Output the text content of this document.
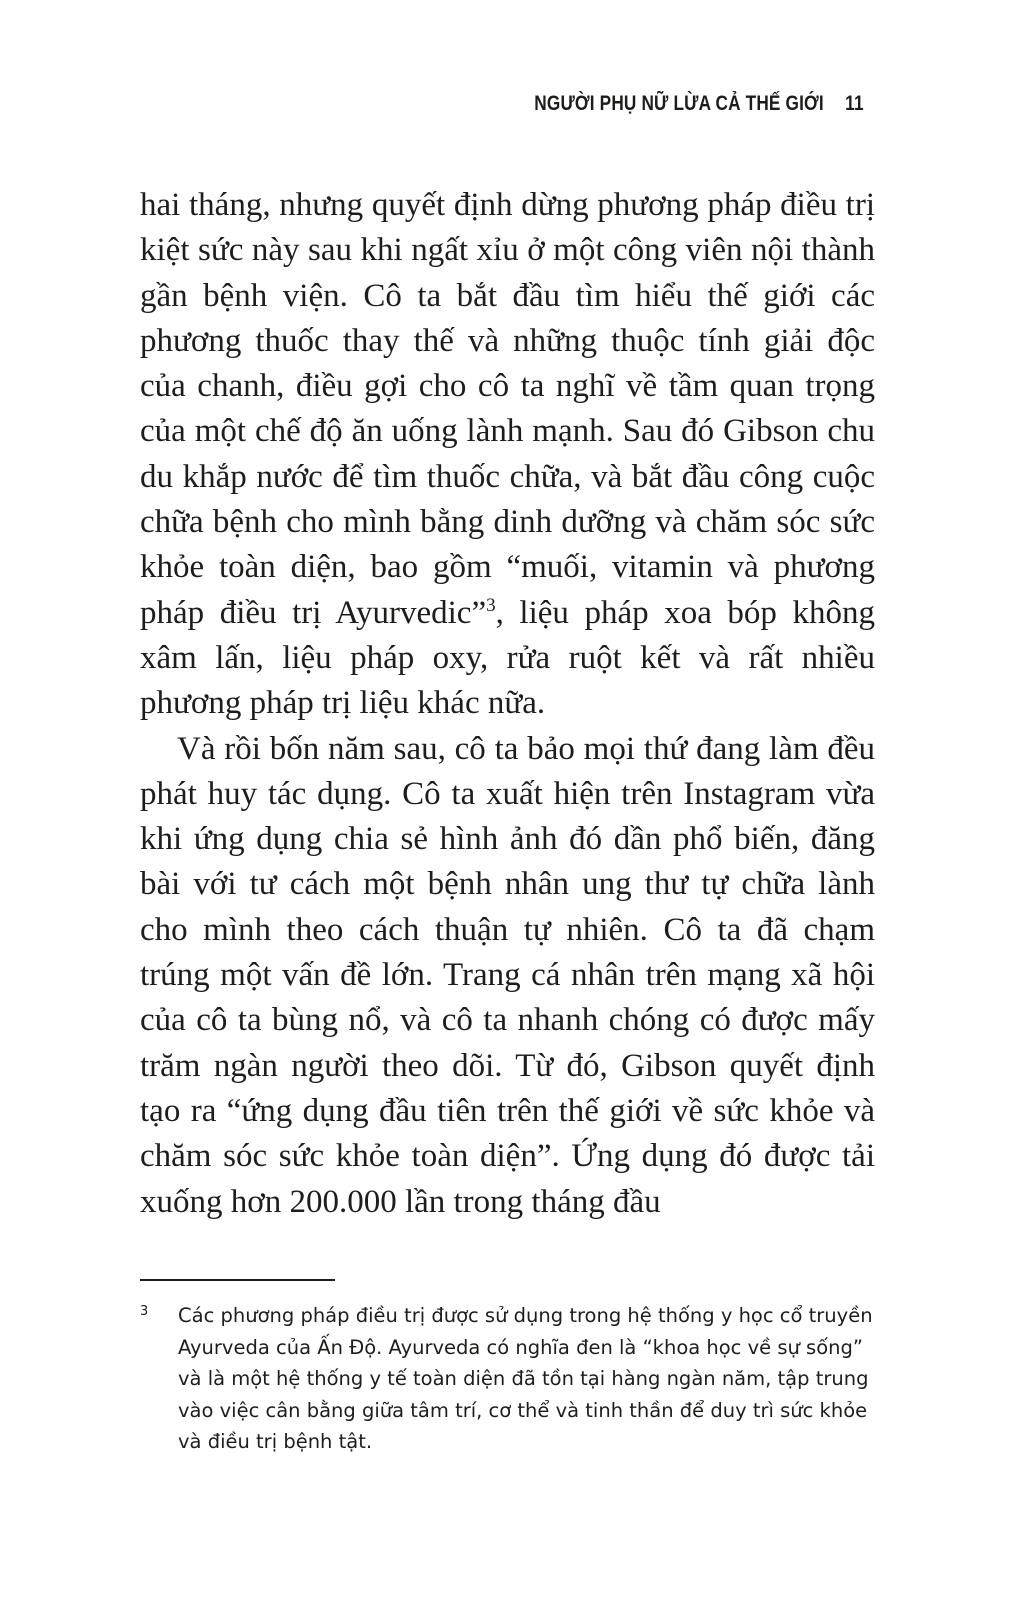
NGƯỜI PHỤ NỮ LỪA CẢ THẾ GIỚI 11

hai tháng, nhưng quyết định dừng phương pháp điều trị kiệt sức này sau khi ngất xỉu ở một công viên nội thành gần bệnh viện. Cô ta bắt đầu tìm hiểu thế giới các phương thuốc thay thế và những thuộc tính giải độc của chanh, điều gợi cho cô ta nghĩ về tầm quan trọng của một chế độ ăn uống lành mạnh. Sau đó Gibson chu du khắp nước để tìm thuốc chữa, và bắt đầu công cuộc chữa bệnh cho mình bằng dinh dưỡng và chăm sóc sức khỏe toàn diện, bao gồm “muối, vitamin và phương pháp điều trị Ayurvedic”$^3$, liệu pháp xoa bóp không xâm lấn, liệu pháp oxy, rửa ruột kết và rất nhiều phương pháp trị liệu khác nữa.

Và rồi bốn năm sau, cô ta bảo mọi thứ đang làm đều phát huy tác dụng. Cô ta xuất hiện trên Instagram vừa khi ứng dụng chia sẻ hình ảnh đó dần phổ biến, đăng bài với tư cách một bệnh nhân ung thư tự chữa lành cho mình theo cách thuận tự nhiên. Cô ta đã chạm trúng một vấn đề lớn. Trang cá nhân trên mạng xã hội của cô ta bùng nổ, và cô ta nhanh chóng có được mấy trăm ngàn người theo dõi. Từ đó, Gibson quyết định tạo ra “ứng dụng đầu tiên trên thế giới về sức khỏe và chăm sóc sức khỏe toàn diện”. Ứng dụng đó được tải xuống hơn 200.000 lần trong tháng đầu

3	Các phương pháp điều trị được sử dụng trong hệ thống y học cổ truyền Ayurveda của Ấn Độ. Ayurveda có nghĩa đen là “khoa học về sự sống” và là một hệ thống y tế toàn diện đã tồn tại hàng ngàn năm, tập trung vào việc cân bằng giữa tâm trí, cơ thể và tinh thần để duy trì sức khỏe và điều trị bệnh tật.
